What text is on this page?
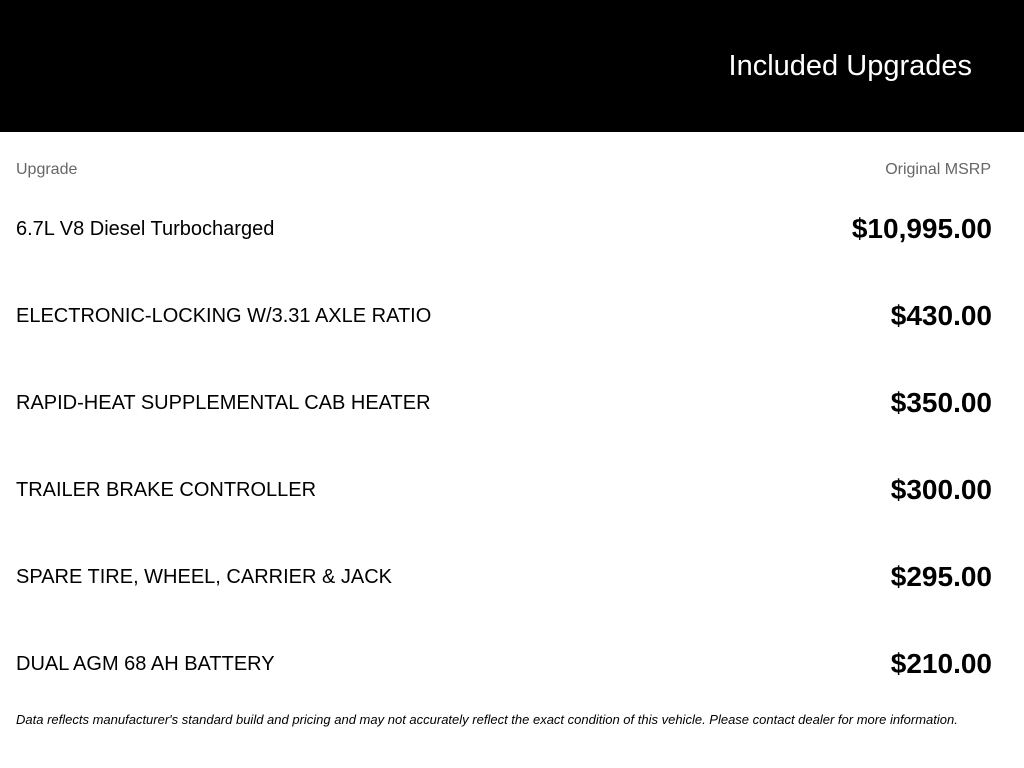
Included Upgrades
Upgrade	Original MSRP
6.7L V8 Diesel Turbocharged	$10,995.00
ELECTRONIC-LOCKING W/3.31 AXLE RATIO	$430.00
RAPID-HEAT SUPPLEMENTAL CAB HEATER	$350.00
TRAILER BRAKE CONTROLLER	$300.00
SPARE TIRE, WHEEL, CARRIER & JACK	$295.00
DUAL AGM 68 AH BATTERY	$210.00

Data reflects manufacturer's standard build and pricing and may not accurately reflect the exact condition of this vehicle. Please contact dealer for more information.
